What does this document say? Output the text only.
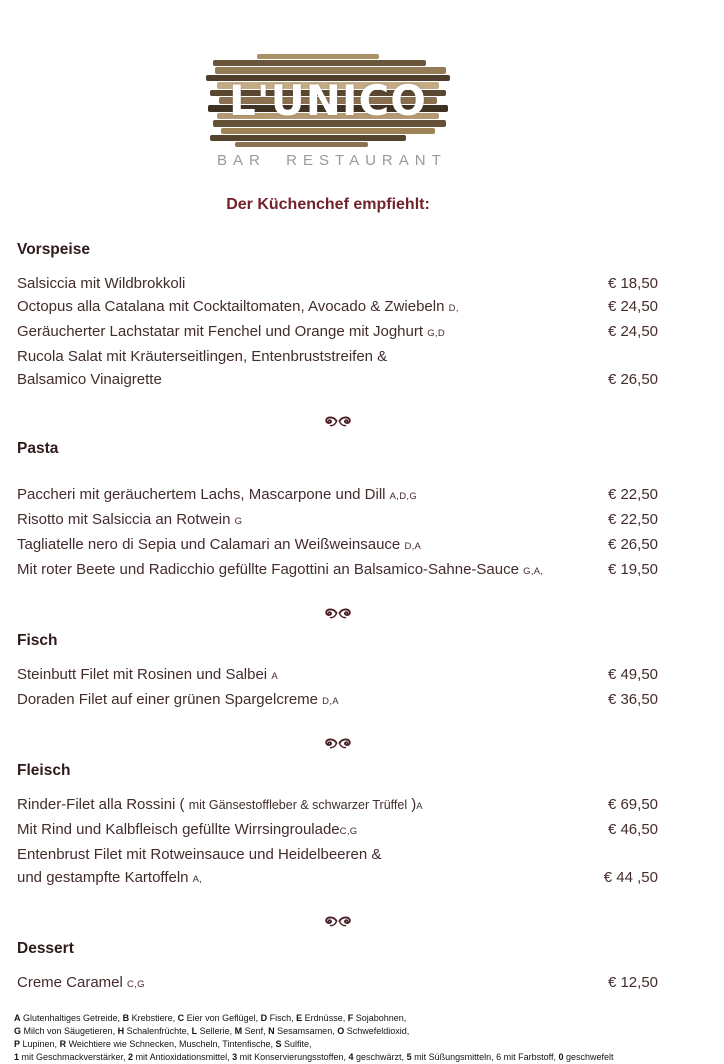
L'UNICO
BAR  RESTAURANT
Der Küchenchef empfiehlt:
Vorspeise
Salsiccia mit Wildbrokkoli	€ 18,50
Octopus alla Catalana mit Cocktailtomaten, Avocado & Zwiebeln D,	€ 24,50
Geräucherter Lachstatar mit Fenchel und Orange mit Joghurt G,D	€ 24,50
Rucola Salat mit Kräuterseitlingen, Entenbruststreifen &
Balsamico Vinaigrette	€ 26,50
Pasta
Paccheri mit geräuchertem Lachs, Mascarpone und Dill A,D,G	€ 22,50
Risotto mit Salsiccia an Rotwein G	€ 22,50
Tagliatelle nero di Sepia und Calamari an Weißweinsauce D,A	€ 26,50
Mit roter Beete und Radicchio gefüllte Fagottini an Balsamico-Sahne-Sauce G,A,	€ 19,50
Fisch
Steinbutt Filet mit Rosinen und Salbei A	€ 49,50
Doraden Filet auf einer grünen Spargelcreme D,A	€ 36,50
Fleisch
Rinder-Filet alla Rossini ( mit Gänsestoffleber & schwarzer Trüffel )A	€ 69,50
Mit Rind und Kalbfleisch gefüllte WirrsingrouladeC,G	€ 46,50
Entenbrust Filet mit Rotweinsauce und Heidelbeeren &
und gestampfte Kartoffeln A,	€ 44 ,50
Dessert
Creme Caramel C,G	€ 12,50
A Glutenhaltiges Getreide, B Krebstiere, C Eier von Geflügel, D Fisch, E Erdnüsse, F Sojabohnen,
G Milch von Säugetieren, H Schalenfrüchte, L Sellerie, M Senf, N Sesamsamen, O Schwefeldioxid,
P Lupinen, R Weichtiere wie Schnecken, Muscheln, Tintenfische, S Sulfite,
1 mit Geschmackverstärker, 2 mit Antioxidationsmittel, 3 mit Konservierungsstoffen, 4 geschwärzt, 5 mit Süßungsmitteln, 6 mit Farbstoff, 0 geschwefelt
